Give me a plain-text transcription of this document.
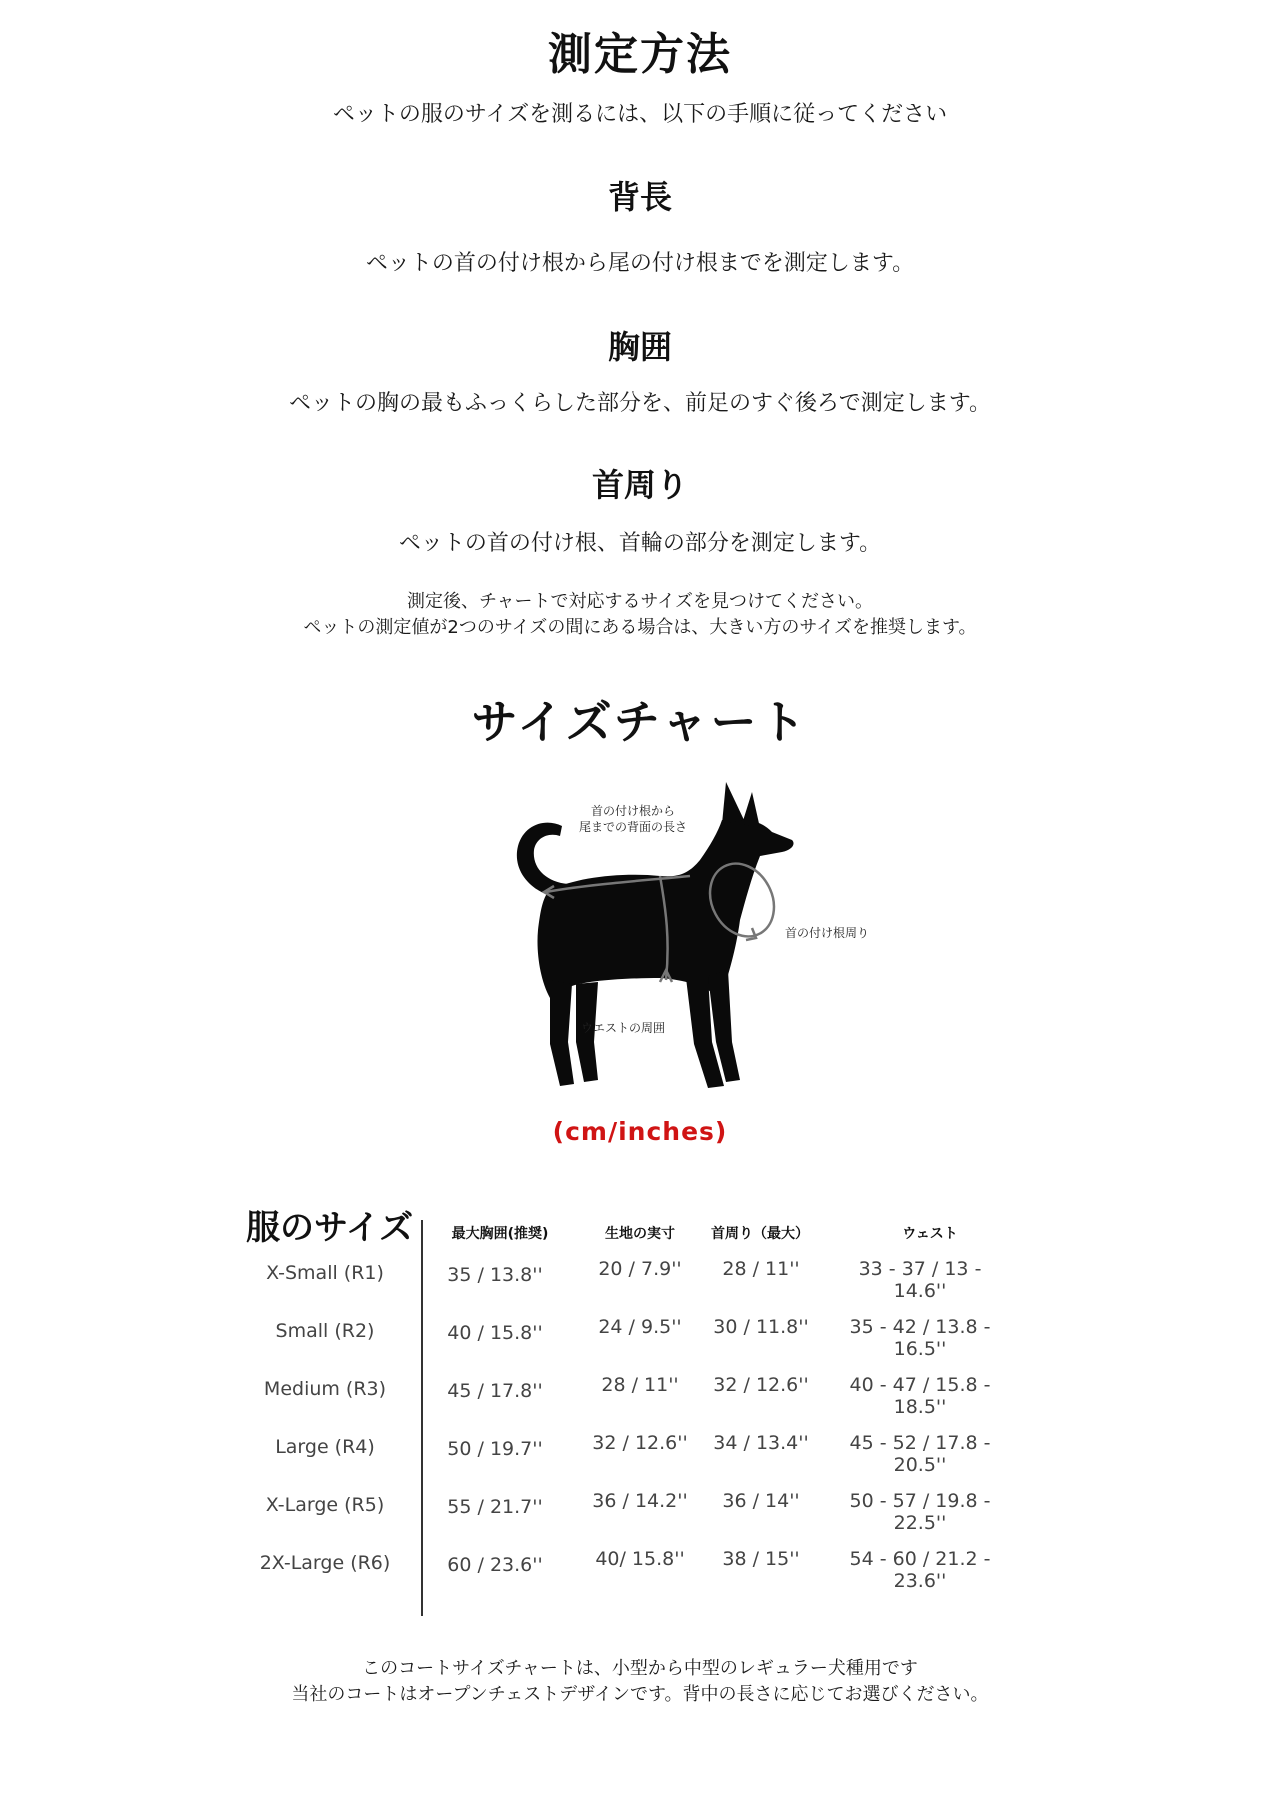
測定方法
ペットの服のサイズを測るには、以下の手順に従ってください
背長
ペットの首の付け根から尾の付け根までを測定します。
胸囲
ペットの胸の最もふっくらした部分を、前足のすぐ後ろで測定します。
首周り
ペットの首の付け根、首輪の部分を測定します。
測定後、チャートで対応するサイズを見つけてください。
ペットの測定値が2つのサイズの間にある場合は、大きい方のサイズを推奨します。
サイズチャート
首の付け根から
尾までの背面の長さ
首の付け根周り
ウエストの周囲
(cm/inches)
服のサイズ	最大胸囲(推奨)	生地の実寸	首周り（最大）	ウェスト
X-Small (R1)	35 / 13.8''	20 / 7.9''	28 / 11''	33 - 37 / 13 - 14.6''
Small (R2)	40 / 15.8''	24 / 9.5''	30 / 11.8''	35 - 42 / 13.8 - 16.5''
Medium (R3)	45 / 17.8''	28 / 11''	32 / 12.6''	40 - 47 / 15.8 - 18.5''
Large (R4)	50 / 19.7''	32 / 12.6''	34 / 13.4''	45 - 52 / 17.8 - 20.5''
X-Large (R5)	55 / 21.7''	36 / 14.2''	36 / 14''	50 - 57 / 19.8 - 22.5''
2X-Large (R6)	60 / 23.6''	40/ 15.8''	38 / 15''	54 - 60 / 21.2 - 23.6''
このコートサイズチャートは、小型から中型のレギュラー犬種用です
当社のコートはオープンチェストデザインです。背中の長さに応じてお選びください。
